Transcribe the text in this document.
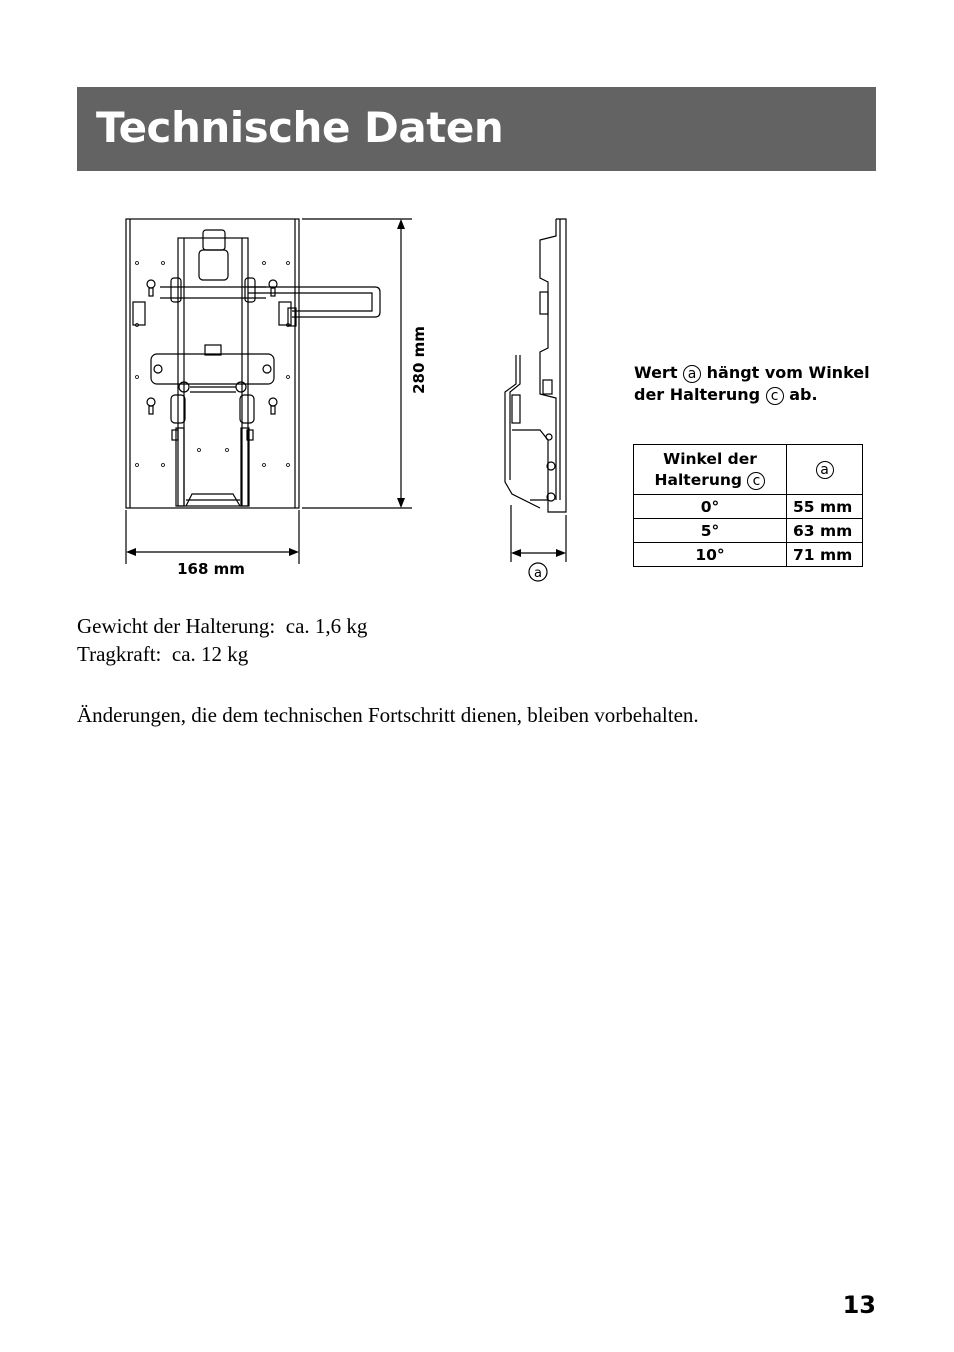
Technische Daten
168 mm
280 mm
a
Wert a hängt vom Winkel der Halterung c ab.
Winkel der Halterung c	a
0°	55 mm
5°	63 mm
10°	71 mm
Gewicht der Halterung:  ca. 1,6 kg
Tragkraft:  ca. 12 kg
Änderungen, die dem technischen Fortschritt dienen, bleiben vorbehalten.
13
